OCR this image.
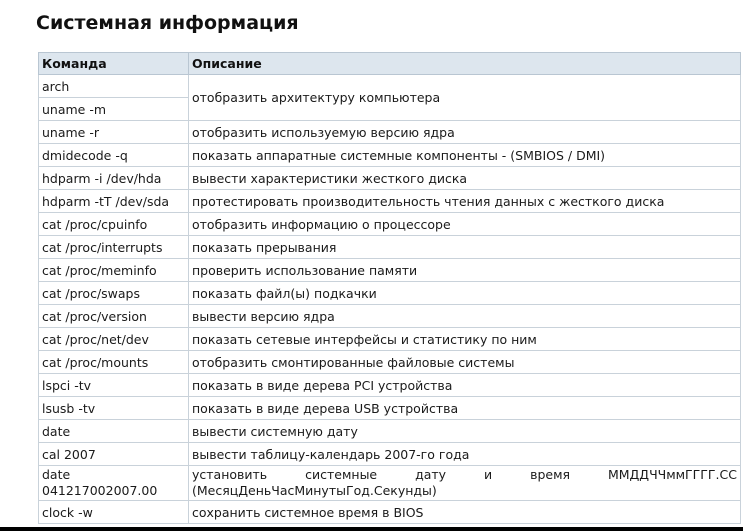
Системная информация
Команда	Описание
arch	отобразить архитектуру компьютера
uname -m	
uname -r	отобразить используемую версию ядра
dmidecode -q	показать аппаратные системные компоненты - (SMBIOS / DMI)
hdparm -i /dev/hda	вывести характеристики жесткого диска
hdparm -tT /dev/sda	протестировать производительность чтения данных с жесткого диска
cat /proc/cpuinfo	отобразить информацию о процессоре
cat /proc/interrupts	показать прерывания
cat /proc/meminfo	проверить использование памяти
cat /proc/swaps	показать файл(ы) подкачки
cat /proc/version	вывести версию ядра
cat /proc/net/dev	показать сетевые интерфейсы и статистику по ним
cat /proc/mounts	отобразить смонтированные файловые системы
lspci -tv	показать в виде дерева PCI устройства
lsusb -tv	показать в виде дерева USB устройства
date	вывести системную дату
cal 2007	вывести таблицу-календарь 2007-го года
date 041217002007.00	установить системные дату и время ММДДЧЧммГГГГ.СС (МесяцДеньЧасМинутыГод.Секунды)
clock -w	сохранить системное время в BIOS
